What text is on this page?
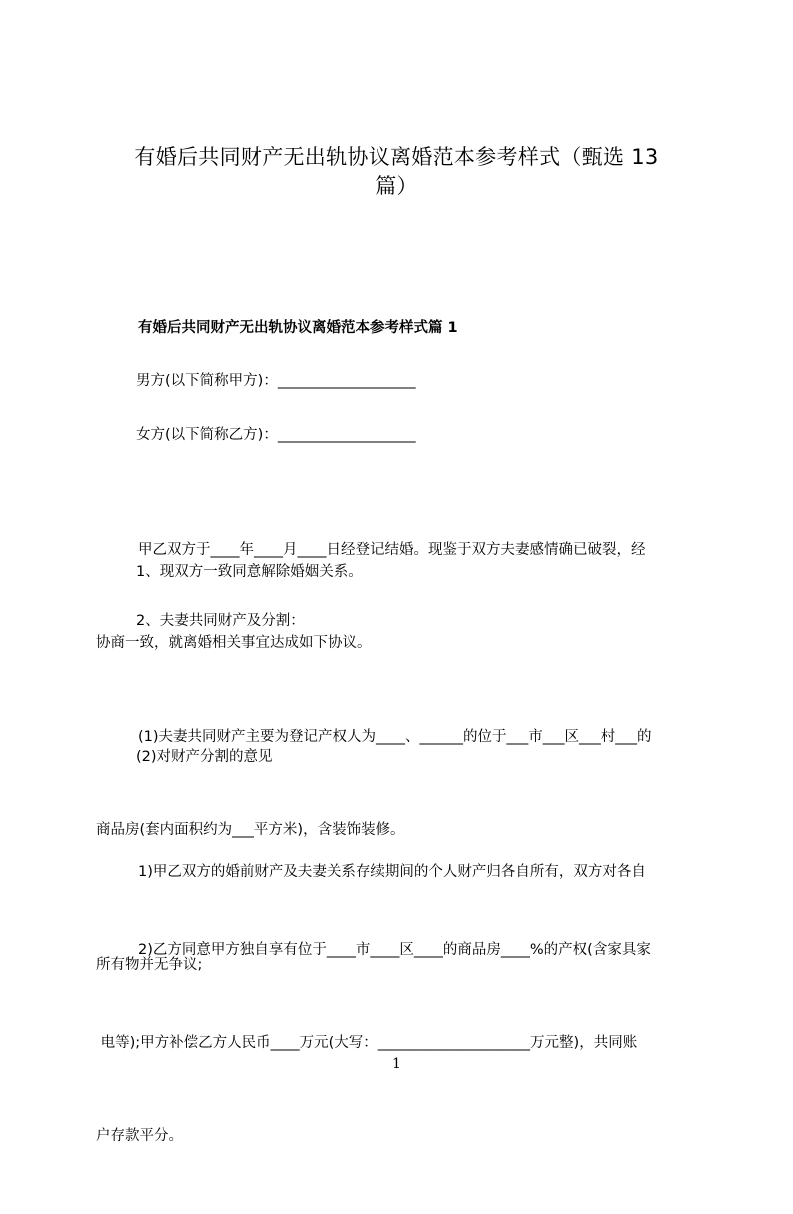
有婚后共同财产无出轨协议离婚范本参考样式（甄选 13
篇）
有婚后共同财产无出轨协议离婚范本参考样式篇 1

男方(以下简称甲方)：___________________

女方(以下简称乙方)：___________________

甲乙双方于____年____月____日经登记结婚。现鉴于双方夫妻感情确已破裂，经

协商一致，就离婚相关事宜达成如下协议。

1、现双方一致同意解除婚姻关系。

2、夫妻共同财产及分割：

(1)夫妻共同财产主要为登记产权人为____、______的位于___市___区___村___的

商品房(套内面积约为___平方米)，含装饰装修。

(2)对财产分割的意见

1)甲乙双方的婚前财产及夫妻关系存续期间的个人财产归各自所有，双方对各自

所有物并无争议;

2)乙方同意甲方独自享有位于____市____区____的商品房____%的产权(含家具家

电等);甲方补偿乙方人民币____万元(大写：_____________________万元整)，共同账

户存款平分。

1
